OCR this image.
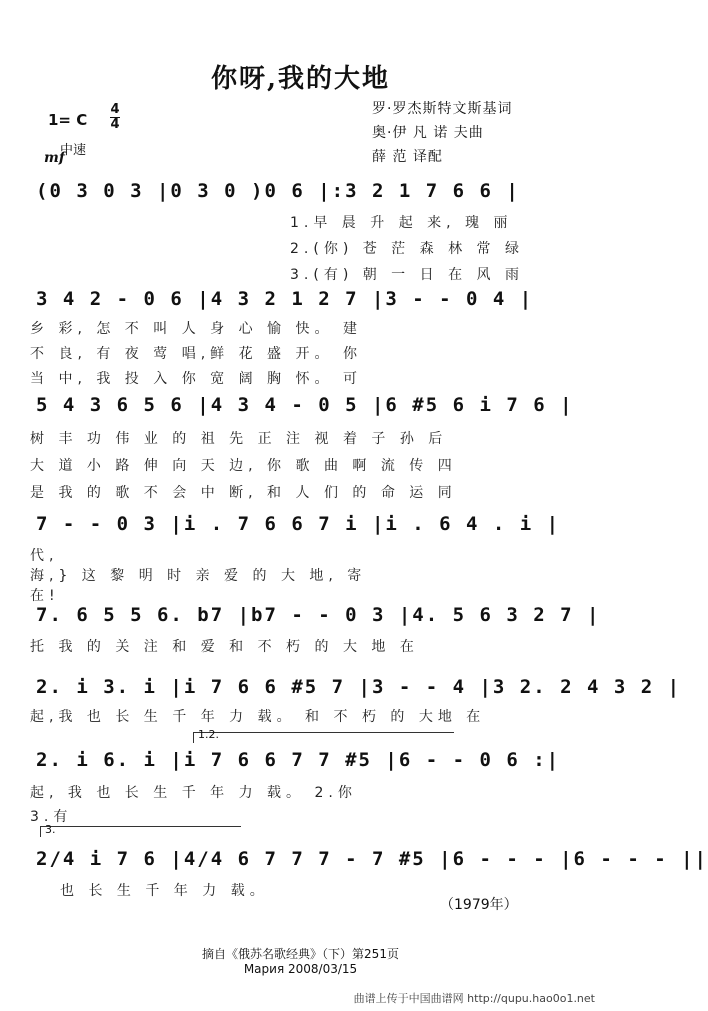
你呀,我的大地
1= C
4
4
mf
中速
罗·罗杰斯特文斯基词
奥·伊 凡 诺 夫曲
薛 范 译配
(0 3 0 3 |0 3 0 )0 6 |:3 2 1 7 6 6 |
1.早 晨 升 起 来, 瑰 丽
2.(你) 苍 茫 森 林 常 绿
3.(有) 朝 一 日 在 风 雨
3 4 2 - 0 6 |4 3 2 1 2 7 |3 - - 0 4 |
乡 彩, 怎 不 叫 人 身 心 愉 快。 建
不 良, 有 夜 莺 唱,鲜 花 盛 开。 你
当 中, 我 投 入 你 宽 阔 胸 怀。 可
5 4 3 6 5 6 |4 3 4 - 0 5 |6 #5 6 i 7 6 |
树 丰 功 伟 业 的 祖 先 正 注 视 着 子 孙 后
大 道 小 路 伸 向 天 边, 你 歌 曲 啊 流 传 四
是 我 的 歌 不 会 中 断, 和 人 们 的 命 运 同
7 - - 0 3 |i . 7 6 6 7 i |i . 6 4 . i |
代,
海,} 这 黎 明 时 亲 爱 的 大 地, 寄
在!
7. 6 5 5 6. b7 |b7 - - 0 3 |4. 5 6 3 2 7 |
托 我 的 关 注 和 爱 和 不 朽 的 大 地 在
2. i 3. i |i 7 6 6 #5 7 |3 - - 4 |3 2. 2 4 3 2 |
起,我 也 长 生 千 年 力 载。 和 不 朽 的 大地 在
1.2.
2. i 6. i |i 7 6 6 7 7 #5 |6 - - 0 6 :|
起, 我 也 长 生 千 年 力 载。 2.你
3.有
3.
2/4 i 7 6 |4/4 6 7 7 7 - 7 #5 |6 - - - |6 - - - ||
也 长 生 千 年 力 载。
（1979年）
摘自《俄苏名歌经典》（下）第251页
Мария 2008/03/15
曲谱上传于中国曲谱网 http://qupu.hao0o1.net
